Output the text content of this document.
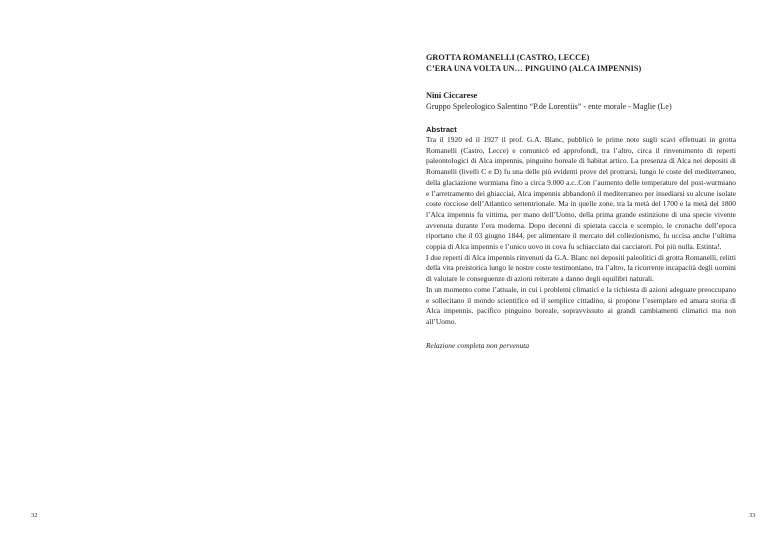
GROTTA ROMANELLI (CASTRO, LECCE)
C’ERA UNA VOLTA UN… PINGUINO (ALCA IMPENNIS)
Nini Ciccarese
Gruppo Speleologico Salentino “P.de Lorentiis” - ente morale - Maglie (Le)
Abstract

Tra il 1920 ed il 1927 il prof. G.A. Blanc, pubblicò le prime note sugli scavi effettuati in grotta Romanelli (Castro, Lecce) e comunicò ed approfondì, tra l’altro, circa il rinvenimento di reperti paleontologici di Alca impennis, pinguino boreale di habitat artico. La presenza di Alca nei depositi di Romanelli (livelli C e D) fu una delle più evidenti prove del protrarsi, lungo le coste del mediterraneo, della glaciazione wurmiana fino a circa 9.000 a.c..Con l’aumento delle temperature del post-wurmiano e l’arretramento dei ghiacciai, Alca impennis abbandonò il mediterraneo per insediarsi su alcune isolate coste rocciose dell’Atlantico settentrionale. Ma in quelle zone, tra la metà del 1700 e la metà del 1800 l’Alca impennis fu vittima, per mano dell’Uomo, della prima grande estinzione di una specie vivente avvenuta durante l’era moderna. Dopo decenni di spietata caccia e scempio, le cronache dell’epoca riportano che il 03 giugno 1844, per alimentare il mercato del collezionismo, fu uccisa anche l’ultima coppia di Alca impennis e l’unico uovo in cova fu schiacciato dai cacciatori. Poi più nulla. Estinta!.

I due reperti di Alca impennis rinvenuti da G.A. Blanc nei depositi paleolitici di grotta Romanelli, relitti della vita preistorica lungo le nostre coste testimoniano, tra l’altro, la ricorrente incapacità degli uomini di valutare le conseguenze di azioni reiterate a danno degli equilibri naturali.

In un momento come l’attuale, in cui i problemi climatici e la richiesta di azioni adeguate preoccupano e sollecitano il mondo scientifico ed il semplice cittadino, si propone l’esemplare ed amara storia di Alca impennis, pacifico pinguino boreale, sopravvissuto ai grandi cambiamenti climatici ma non all’Uomo.

Relazione completa non pervenuta
32	33
